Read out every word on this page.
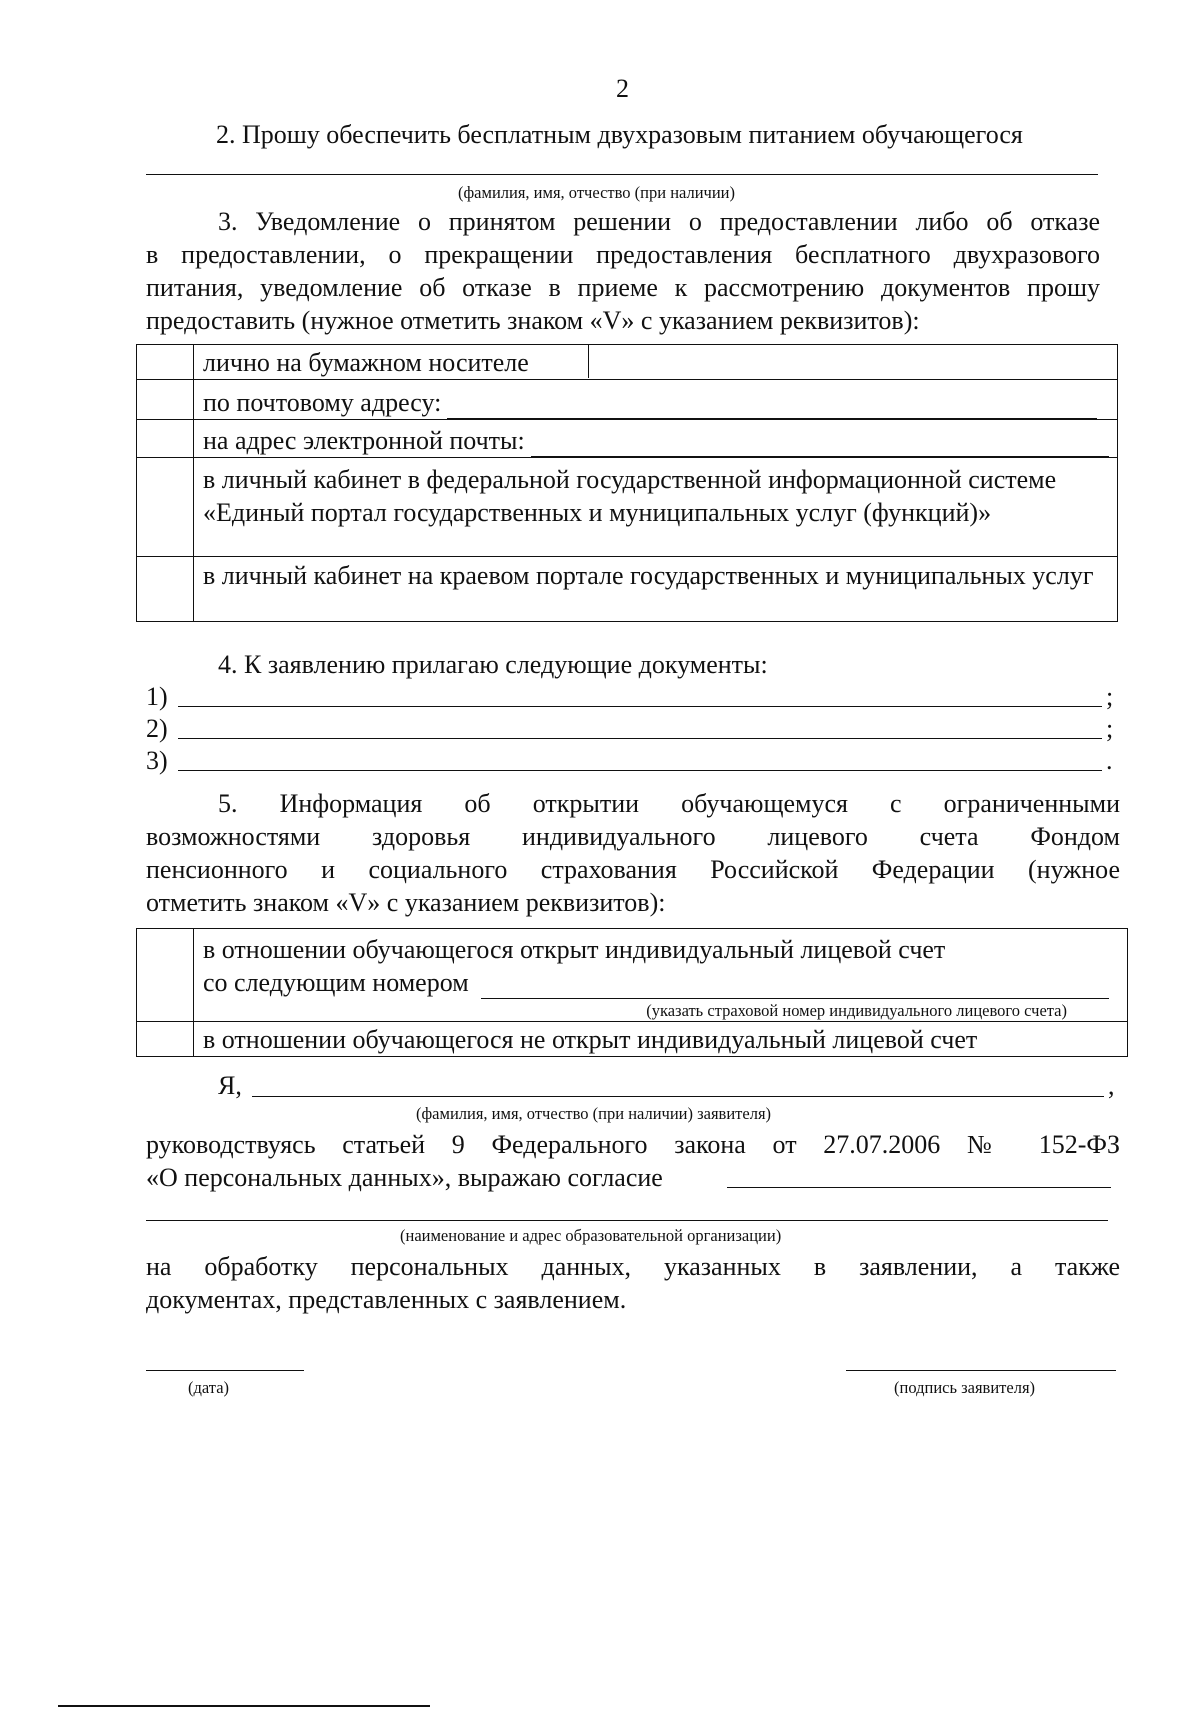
2
2. Прошу обеспечить бесплатным двухразовым питанием обучающегося
(фамилия, имя, отчество (при наличии)
3. Уведомление о принятом решении о предоставлении либо об отказе
в предоставлении, о прекращении предоставления бесплатного двухразового
питания, уведомление об отказе в приеме к рассмотрению документов прошу
предоставить (нужное отметить знаком «V» с указанием реквизитов):

	лично на бумажном носителе

	по почтовому адресу:

	на адрес электронной почты:

	в личный кабинет в федеральной государственной информационной системе «Единый портал государственных и муниципальных услуг (функций)»

	в личный кабинет на краевом портале государственных и муниципальных услуг
4. К заявлению прилагаю следующие документы:
1)	;
2)	;
3)	.
5. Информация об открытии обучающемуся с ограниченными
возможностями здоровья индивидуального лицевого счета Фондом
пенсионного и социального страхования Российской Федерации (нужное
отметить знаком «V» с указанием реквизитов):

	в отношении обучающегося открыт индивидуальный лицевой счет
со следующим номером
(указать страховой номер индивидуального лицевого счета)

	в отношении обучающегося не открыт индивидуальный лицевой счет
Я,	,
(фамилия, имя, отчество (при наличии) заявителя)
руководствуясь статьей 9 Федерального закона от 27.07.2006 № 152-ФЗ
«О персональных данных», выражаю согласие
(наименование и адрес образовательной организации)
на обработку персональных данных, указанных в заявлении, а также
документах, представленных с заявлением.
(дата)	(подпись заявителя)
